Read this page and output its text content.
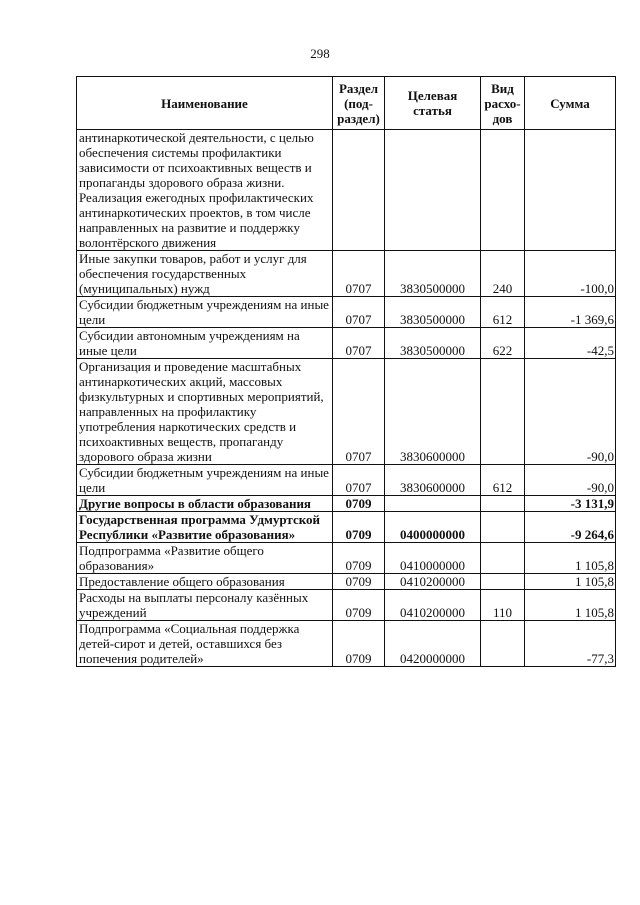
298
Наименование	Раздел (под-раздел)	Целевая статья	Вид расхо-дов	Сумма
антинаркотической деятельности, с целью обеспечения системы профилактики зависимости от психоактивных веществ и пропаганды здорового образа жизни. Реализация ежегодных профилактических антинаркотических проектов, в том числе направленных на развитие и поддержку волонтёрского движения				
Иные закупки товаров, работ и услуг для обеспечения государственных (муниципальных) нужд	0707	3830500000	240	-100,0
Субсидии бюджетным учреждениям на иные цели	0707	3830500000	612	-1 369,6
Субсидии автономным учреждениям на иные цели	0707	3830500000	622	-42,5
Организация и проведение масштабных антинаркотических акций, массовых физкультурных и спортивных мероприятий, направленных на профилактику употребления наркотических средств и психоактивных веществ, пропаганду здорового образа жизни	0707	3830600000		-90,0
Субсидии бюджетным учреждениям на иные цели	0707	3830600000	612	-90,0
Другие вопросы в области образования	0709			-3 131,9
Государственная программа Удмуртской Республики «Развитие образования»	0709	0400000000		-9 264,6
Подпрограмма «Развитие общего образования»	0709	0410000000		1 105,8
Предоставление общего образования	0709	0410200000		1 105,8
Расходы на выплаты персоналу казённых учреждений	0709	0410200000	110	1 105,8
Подпрограмма «Социальная поддержка детей-сирот и детей, оставшихся без попечения родителей»	0709	0420000000		-77,3
